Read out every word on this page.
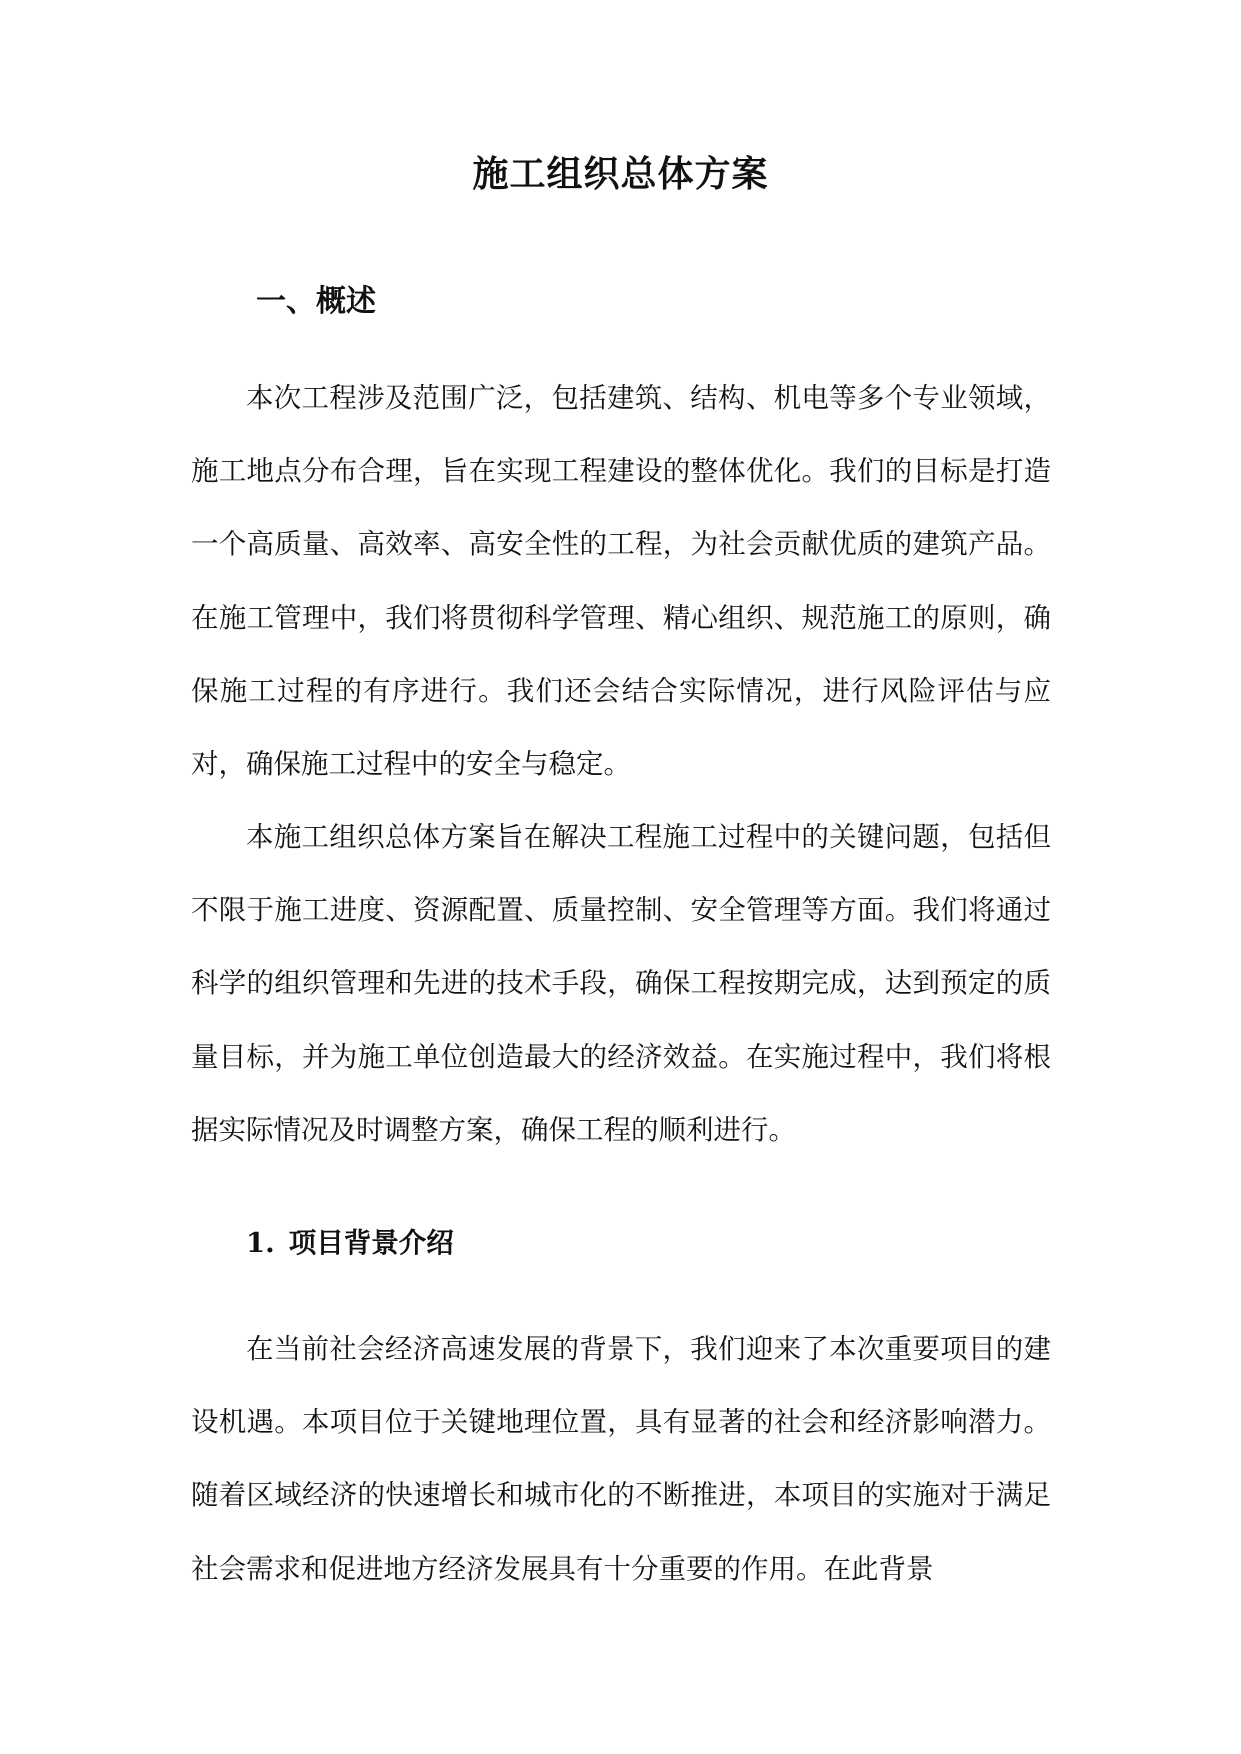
施工组织总体方案
一、概述

本次工程涉及范围广泛，包括建筑、结构、机电等多个专业领域，施工地点分布合理，旨在实现工程建设的整体优化。我们的目标是打造一个高质量、高效率、高安全性的工程，为社会贡献优质的建筑产品。在施工管理中，我们将贯彻科学管理、精心组织、规范施工的原则，确保施工过程的有序进行。我们还会结合实际情况，进行风险评估与应对，确保施工过程中的安全与稳定。

本施工组织总体方案旨在解决工程施工过程中的关键问题，包括但不限于施工进度、资源配置、质量控制、安全管理等方面。我们将通过科学的组织管理和先进的技术手段，确保工程按期完成，达到预定的质量目标，并为施工单位创造最大的经济效益。在实施过程中，我们将根据实际情况及时调整方案，确保工程的顺利进行。

1. 项目背景介绍

在当前社会经济高速发展的背景下，我们迎来了本次重要项目的建设机遇。本项目位于关键地理位置，具有显著的社会和经济影响潜力。随着区域经济的快速增长和城市化的不断推进，本项目的实施对于满足社会需求和促进地方经济发展具有十分重要的作用。在此背景
